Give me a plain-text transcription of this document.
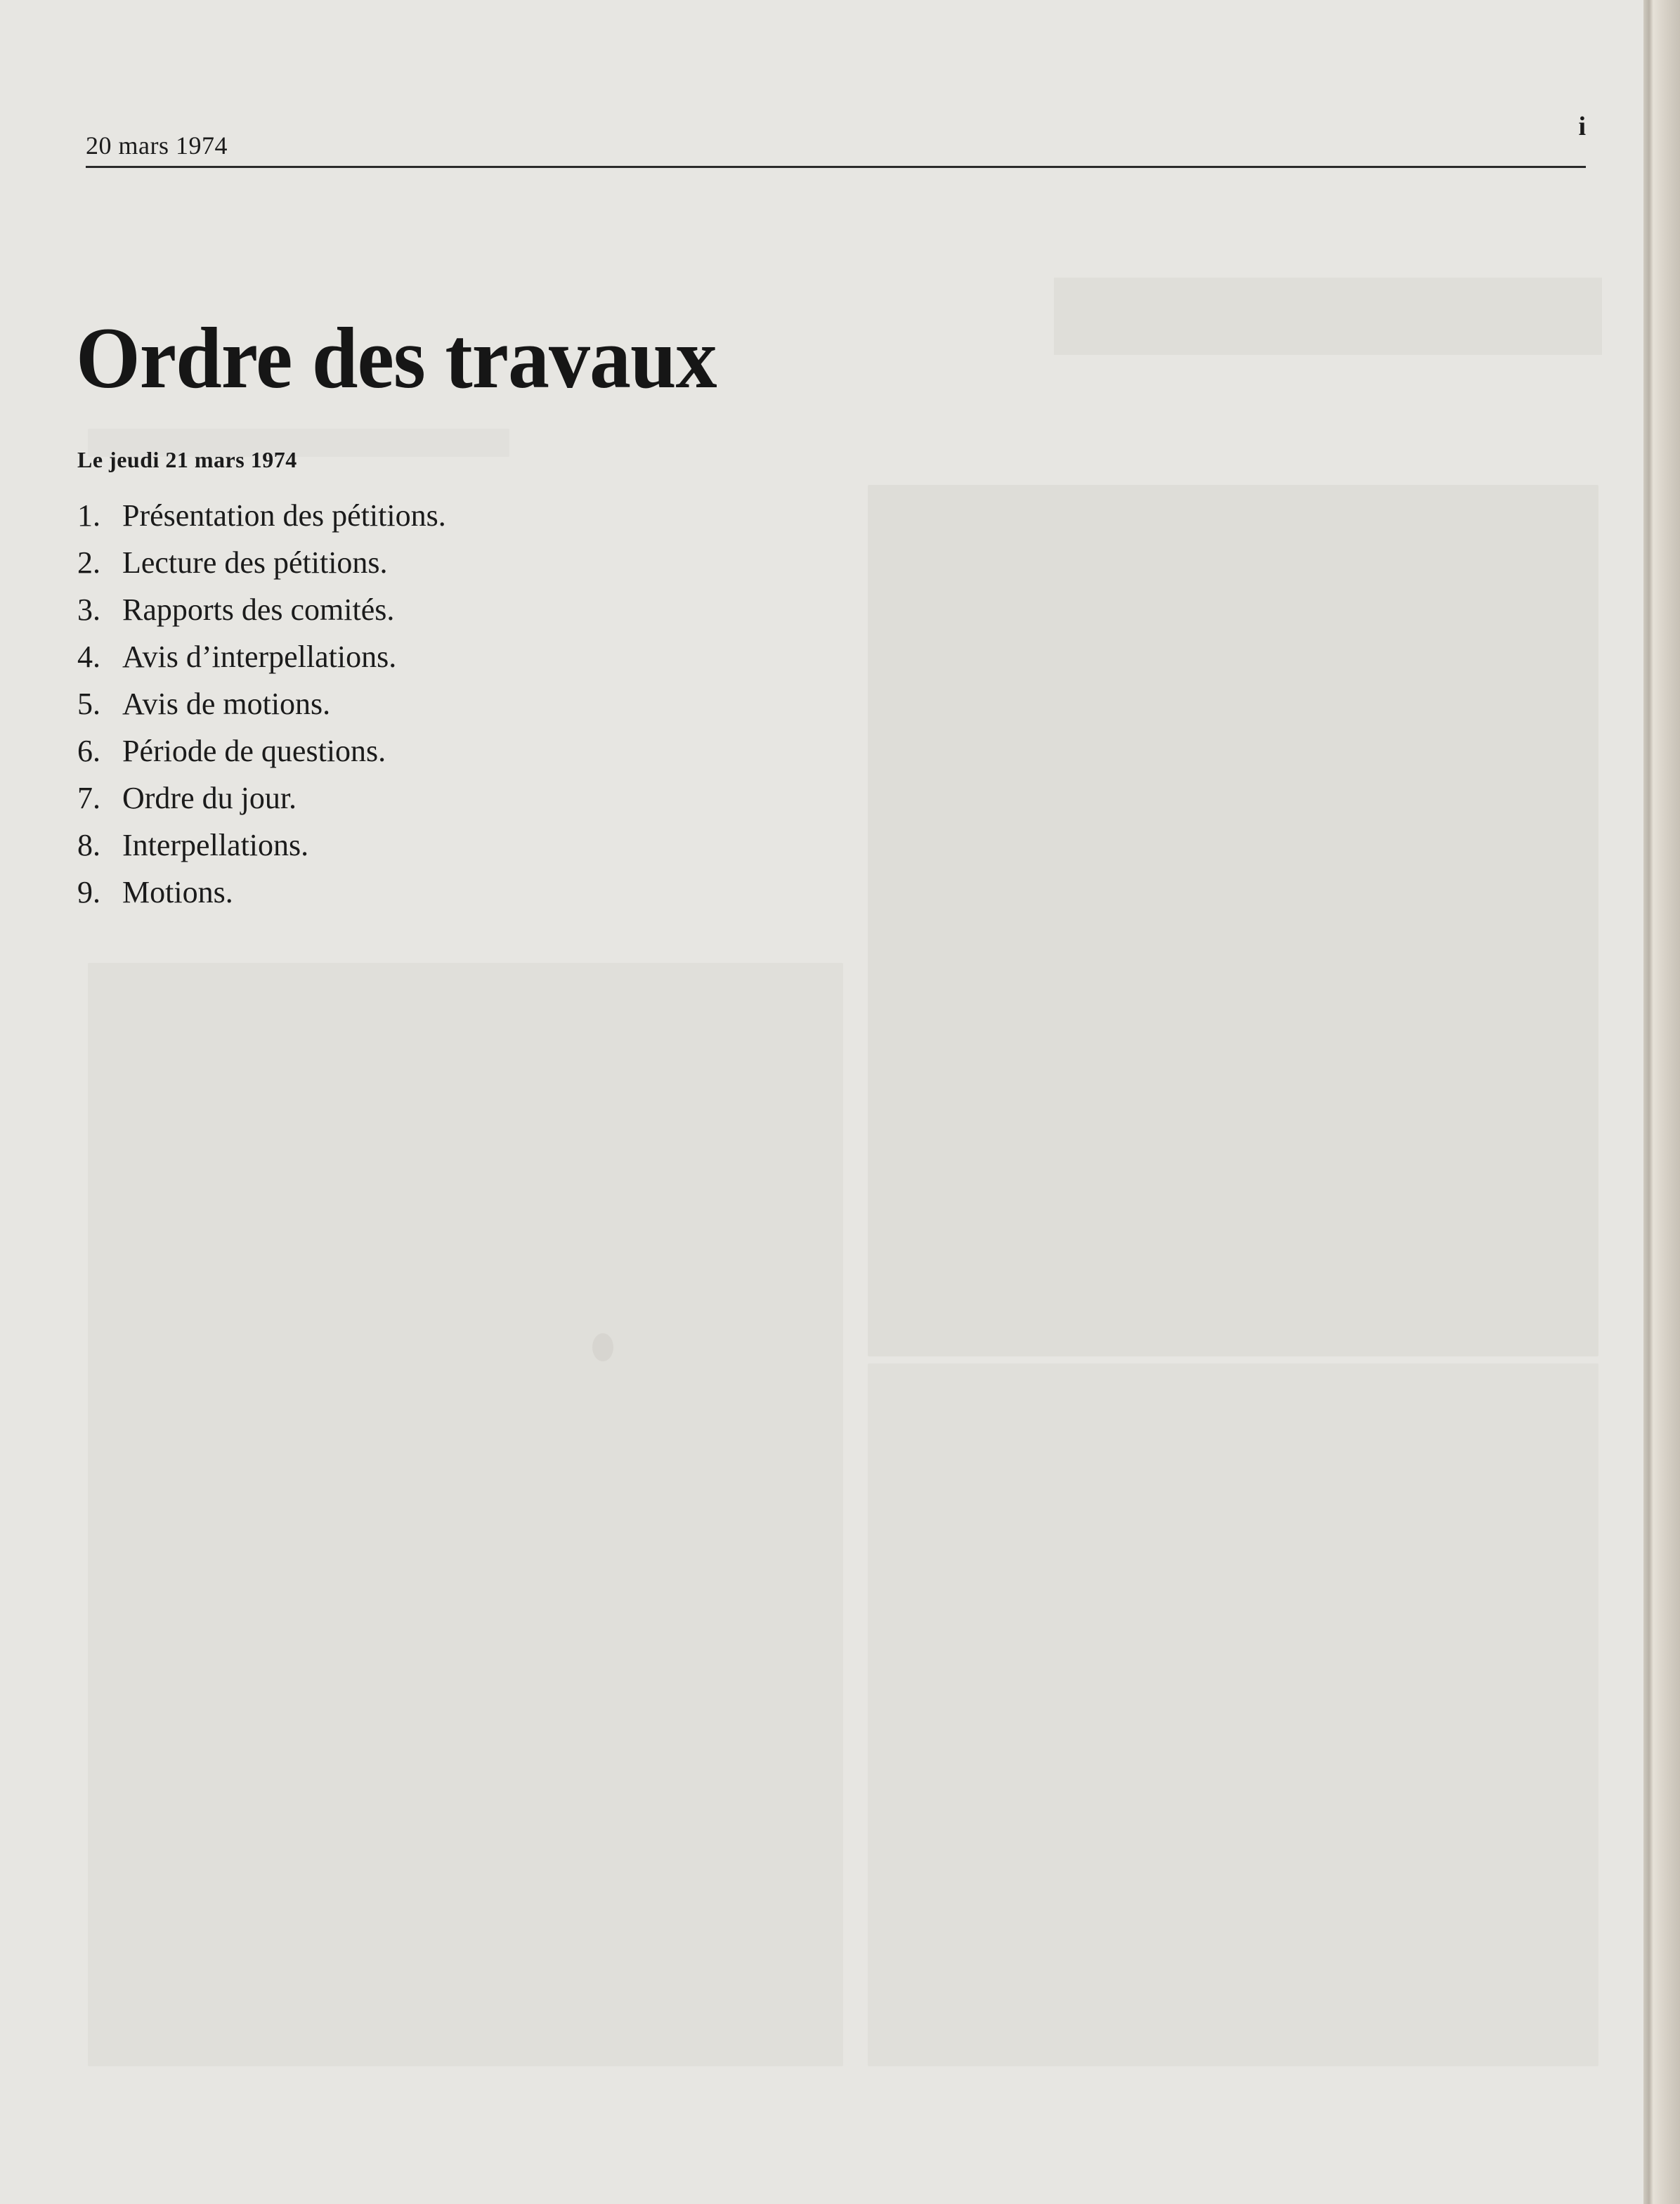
20 mars 1974
i
Ordre des travaux
Le jeudi 21 mars 1974
1. Présentation des pétitions.
2. Lecture des pétitions.
3. Rapports des comités.
4. Avis d’interpellations.
5. Avis de motions.
6. Période de questions.
7. Ordre du jour.
8. Interpellations.
9. Motions.
